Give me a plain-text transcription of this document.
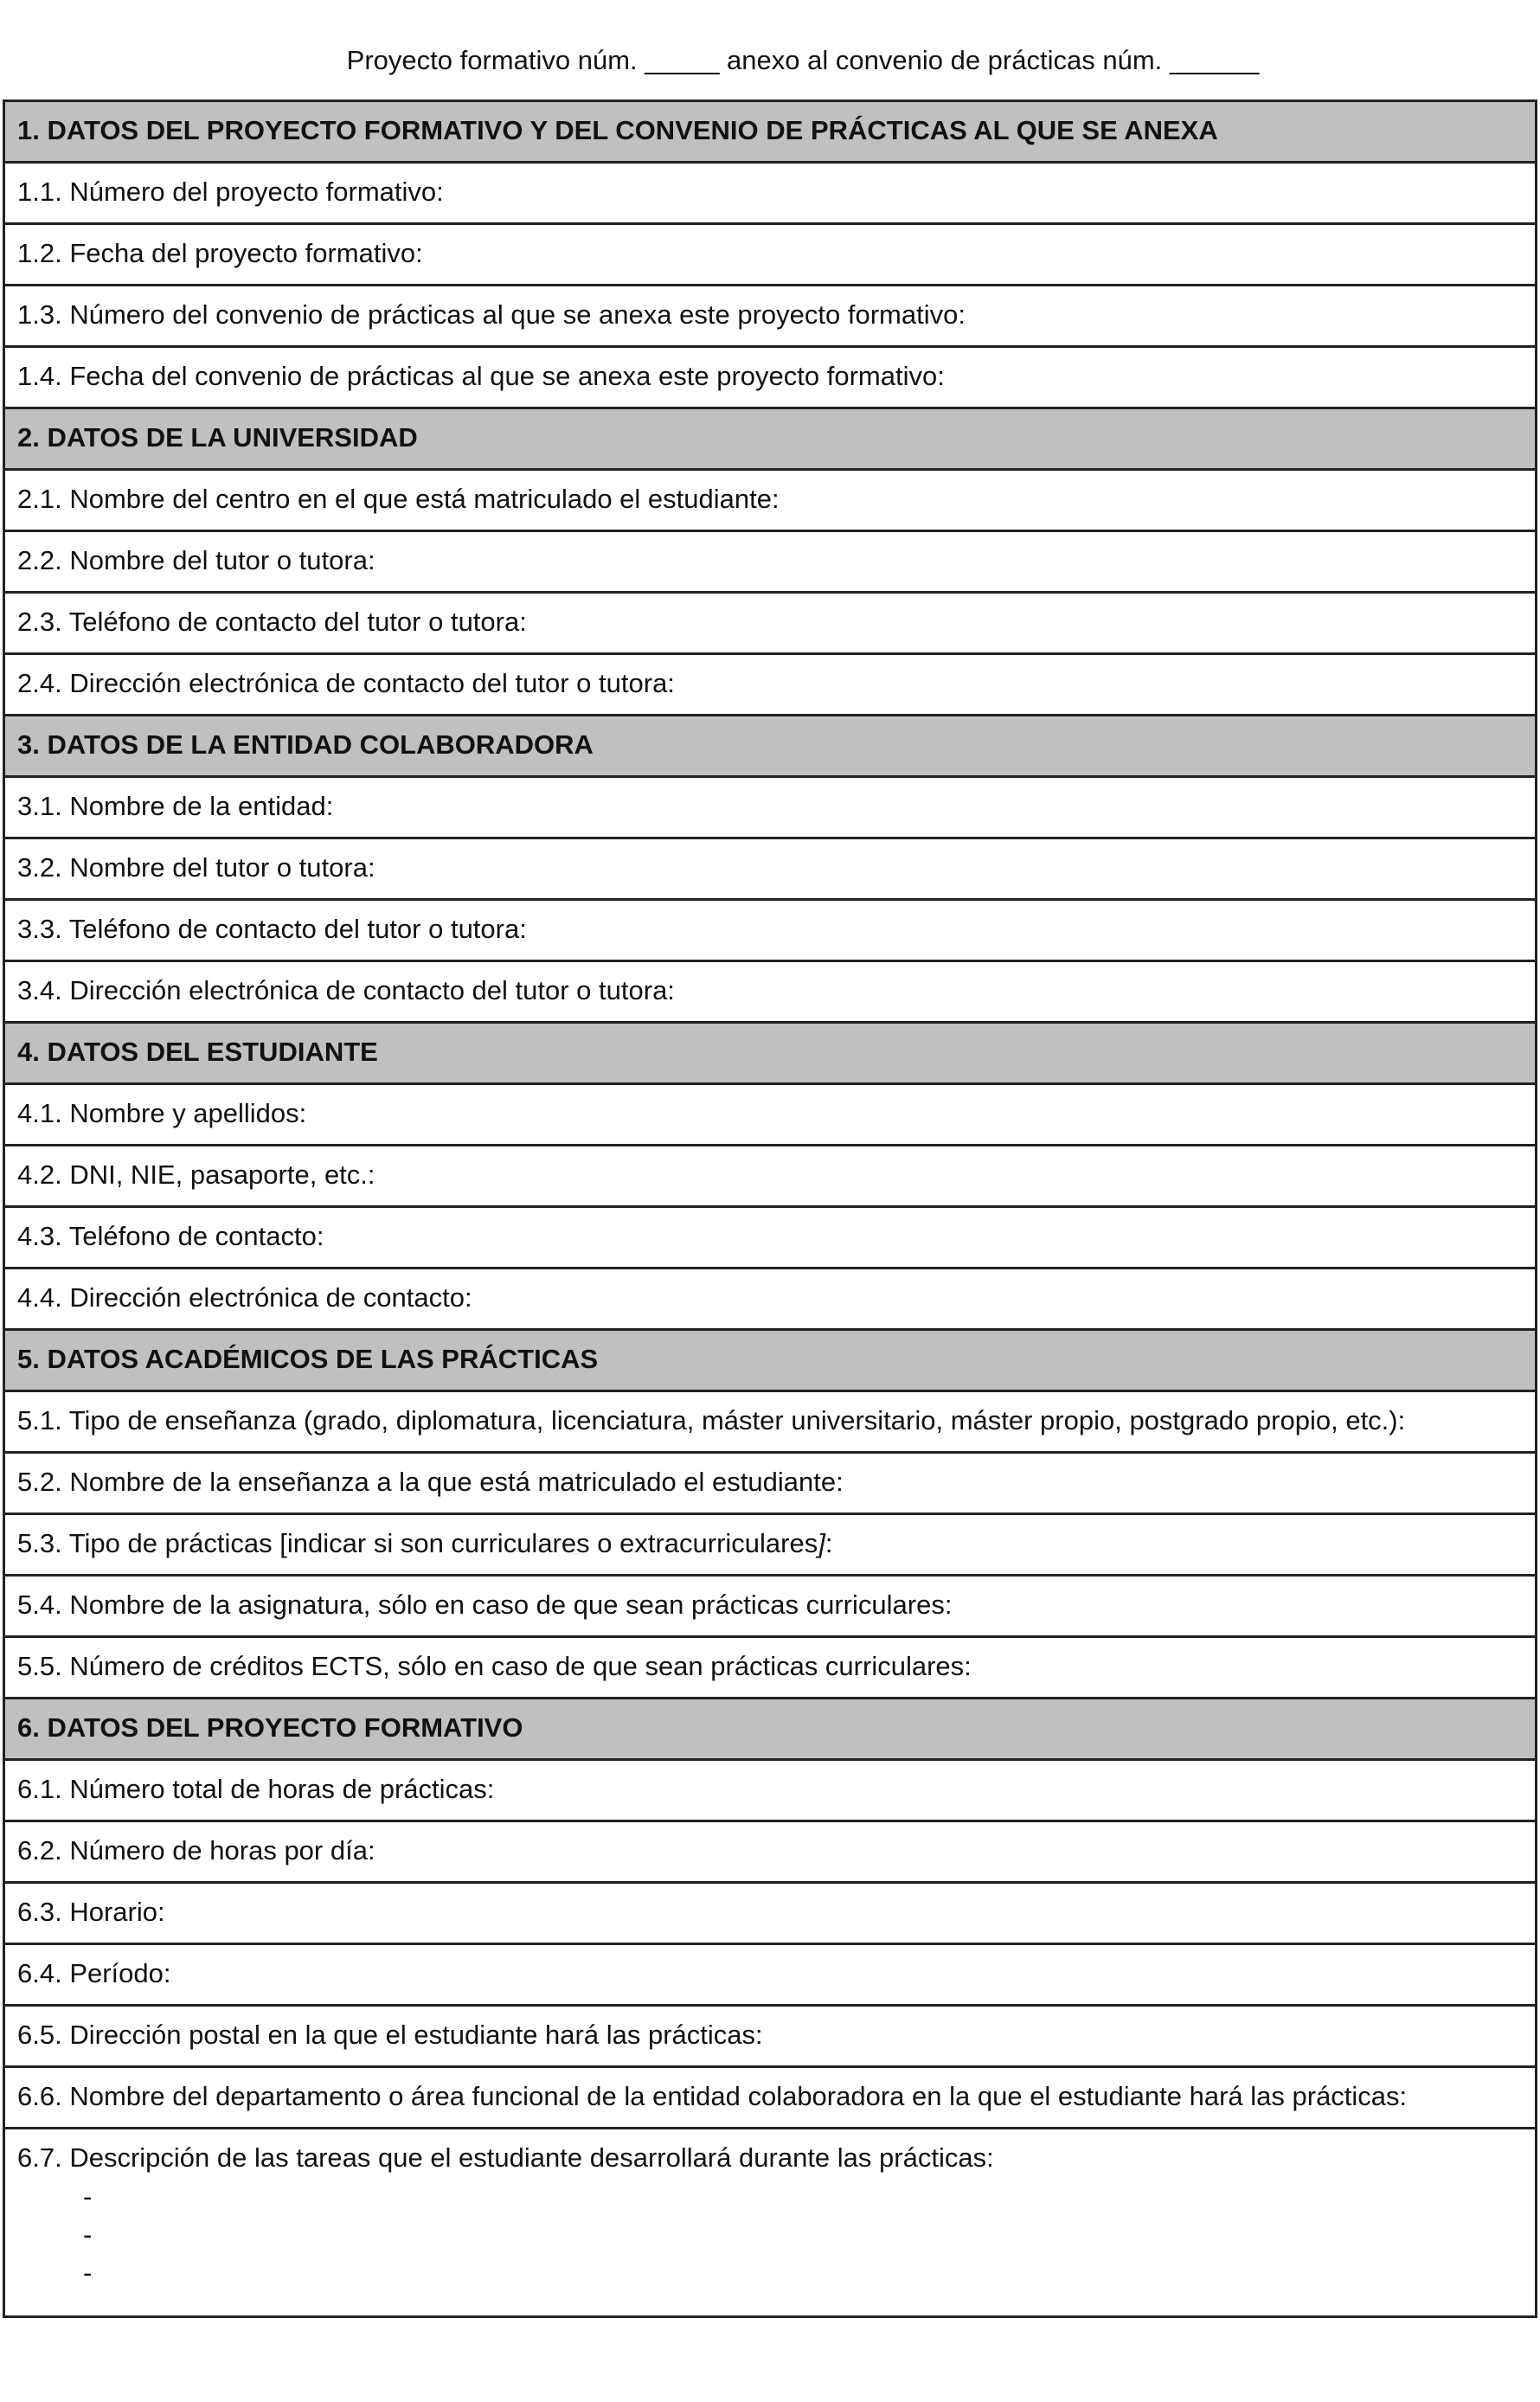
Proyecto formativo núm. _____ anexo al convenio de prácticas núm. ______
1. DATOS DEL PROYECTO FORMATIVO Y DEL CONVENIO DE PRÁCTICAS AL QUE SE ANEXA

1.1. Número del proyecto formativo:

1.2. Fecha del proyecto formativo:

1.3. Número del convenio de prácticas al que se anexa este proyecto formativo:

1.4. Fecha del convenio de prácticas al que se anexa este proyecto formativo:

2. DATOS DE LA UNIVERSIDAD

2.1. Nombre del centro en el que está matriculado el estudiante:

2.2. Nombre del tutor o tutora:

2.3. Teléfono de contacto del tutor o tutora:

2.4. Dirección electrónica de contacto del tutor o tutora:

3. DATOS DE LA ENTIDAD COLABORADORA

3.1. Nombre de la entidad:

3.2. Nombre del tutor o tutora:

3.3. Teléfono de contacto del tutor o tutora:

3.4. Dirección electrónica de contacto del tutor o tutora:

4. DATOS DEL ESTUDIANTE

4.1. Nombre y apellidos:

4.2. DNI, NIE, pasaporte, etc.:

4.3. Teléfono de contacto:

4.4. Dirección electrónica de contacto:

5. DATOS ACADÉMICOS DE LAS PRÁCTICAS

5.1. Tipo de enseñanza (grado, diplomatura, licenciatura, máster universitario, máster propio, postgrado propio, etc.):

5.2. Nombre de la enseñanza a la que está matriculado el estudiante:

5.3. Tipo de prácticas [indicar si son curriculares o extracurriculares]:

5.4. Nombre de la asignatura, sólo en caso de que sean prácticas curriculares:

5.5. Número de créditos ECTS, sólo en caso de que sean prácticas curriculares:

6. DATOS DEL PROYECTO FORMATIVO

6.1. Número total de horas de prácticas:

6.2. Número de horas por día:

6.3. Horario:

6.4. Período:

6.5. Dirección postal en la que el estudiante hará las prácticas:

6.6. Nombre del departamento o área funcional de la entidad colaboradora en la que el estudiante hará las prácticas:

6.7. Descripción de las tareas que el estudiante desarrollará durante las prácticas:
-
-
-
